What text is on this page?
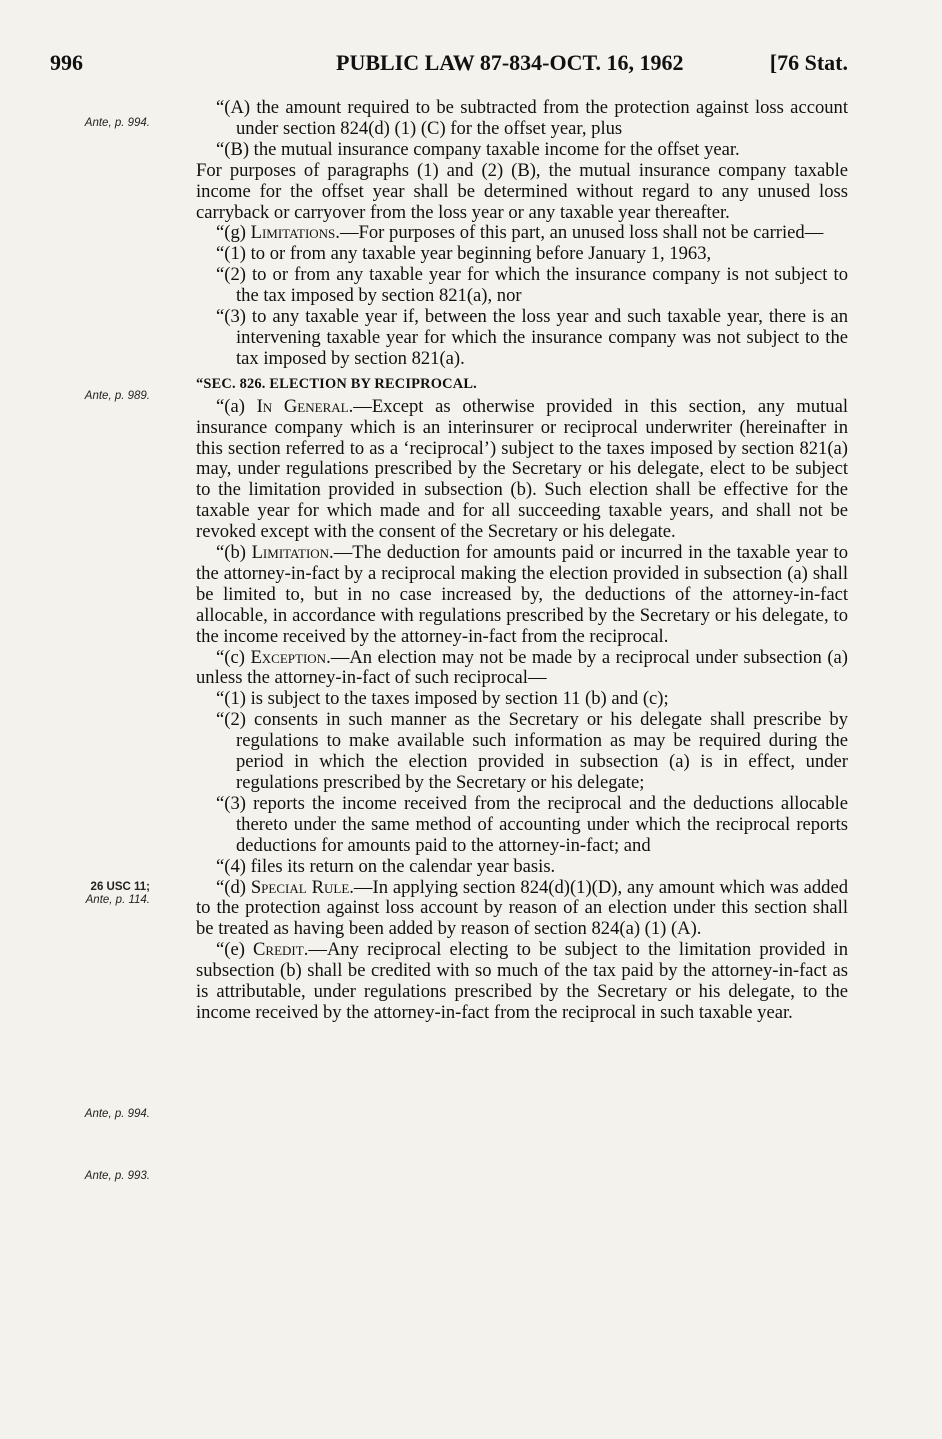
996	PUBLIC LAW 87-834-OCT. 16, 1962	[76 Stat.
Ante, p. 994.
Ante, p. 989.
26 USC 11;
Ante, p. 114.
Ante, p. 994.
Ante, p. 993.

“(A) the amount required to be subtracted from the protection against loss account under section 824(d) (1) (C) for the offset year, plus

“(B) the mutual insurance company taxable income for the offset year.

For purposes of paragraphs (1) and (2) (B), the mutual insurance company taxable income for the offset year shall be determined without regard to any unused loss carryback or carryover from the loss year or any taxable year thereafter.

“(g) Limitations.—For purposes of this part, an unused loss shall not be carried—

“(1) to or from any taxable year beginning before January 1, 1963,

“(2) to or from any taxable year for which the insurance company is not subject to the tax imposed by section 821(a), nor

“(3) to any taxable year if, between the loss year and such taxable year, there is an intervening taxable year for which the insurance company was not subject to the tax imposed by section 821(a).

“SEC. 826. ELECTION BY RECIPROCAL.

“(a) In General.—Except as otherwise provided in this section, any mutual insurance company which is an interinsurer or reciprocal underwriter (hereinafter in this section referred to as a ‘reciprocal’) subject to the taxes imposed by section 821(a) may, under regulations prescribed by the Secretary or his delegate, elect to be subject to the limitation provided in subsection (b). Such election shall be effective for the taxable year for which made and for all succeeding taxable years, and shall not be revoked except with the consent of the Secretary or his delegate.

“(b) Limitation.—The deduction for amounts paid or incurred in the taxable year to the attorney-in-fact by a reciprocal making the election provided in subsection (a) shall be limited to, but in no case increased by, the deductions of the attorney-in-fact allocable, in accordance with regulations prescribed by the Secretary or his delegate, to the income received by the attorney-in-fact from the reciprocal.

“(c) Exception.—An election may not be made by a reciprocal under subsection (a) unless the attorney-in-fact of such reciprocal—

“(1) is subject to the taxes imposed by section 11 (b) and (c);

“(2) consents in such manner as the Secretary or his delegate shall prescribe by regulations to make available such information as may be required during the period in which the election provided in subsection (a) is in effect, under regulations prescribed by the Secretary or his delegate;

“(3) reports the income received from the reciprocal and the deductions allocable thereto under the same method of accounting under which the reciprocal reports deductions for amounts paid to the attorney-in-fact; and

“(4) files its return on the calendar year basis.

“(d) Special Rule.—In applying section 824(d)(1)(D), any amount which was added to the protection against loss account by reason of an election under this section shall be treated as having been added by reason of section 824(a) (1) (A).

“(e) Credit.—Any reciprocal electing to be subject to the limitation provided in subsection (b) shall be credited with so much of the tax paid by the attorney-in-fact as is attributable, under regulations prescribed by the Secretary or his delegate, to the income received by the attorney-in-fact from the reciprocal in such taxable year.
